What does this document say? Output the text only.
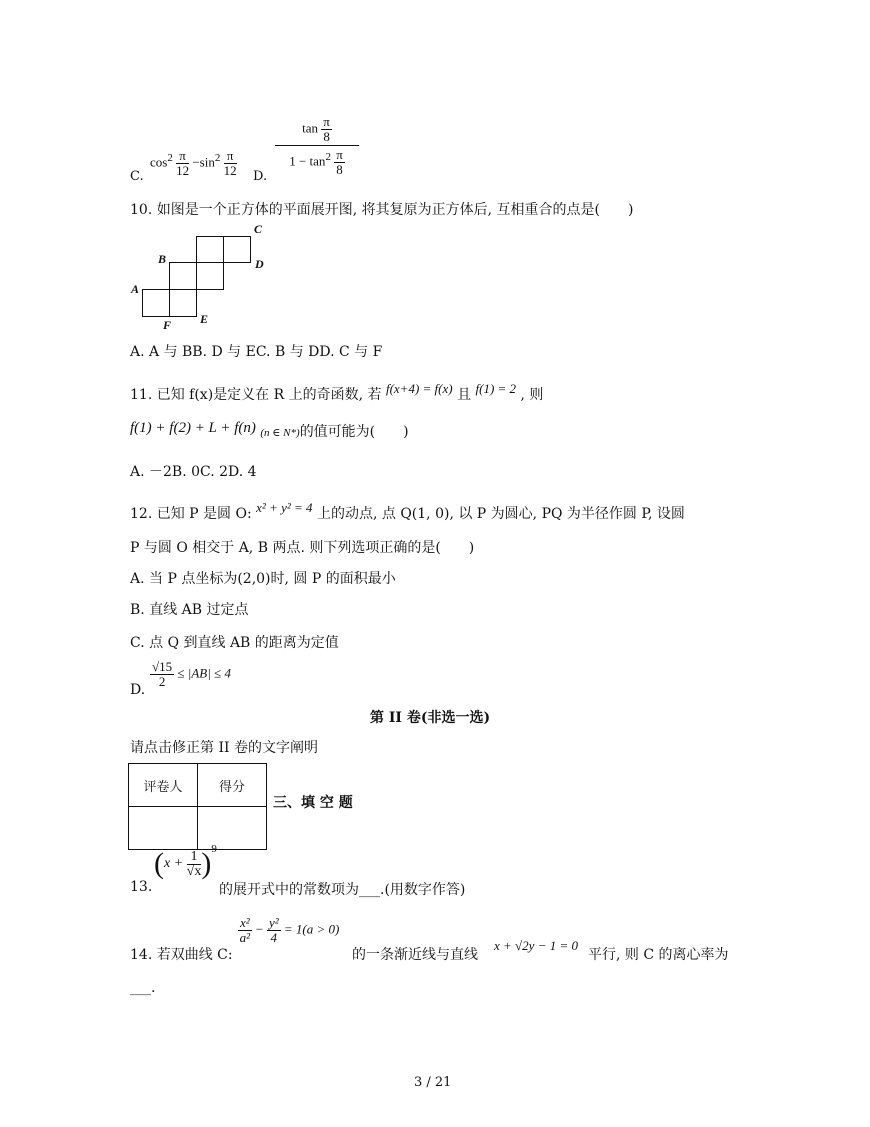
C.
$\cos^2 \frac{\pi}{12} -\sin^2 \frac{\pi}{12} D$.
$\tan \frac{\pi}{8}$
$1 - \tan^2 \frac{\pi}{8}$
10. 如图是一个正方体的平面展开图, 将其复原为正方体后, 互相重合的点是(　　)
C
B	D
A
F E
A. A 与 BB. D 与 EC. B 与 DD. C 与 F
11. 已知 f(x)是定义在 R 上的奇函数, 若 f(x+4) = f(x) 且 f(1) = 2 , 则
f(1) + f(2) + L + f(n) (n ∈ N*)的值可能为(　　)
A. －2B. 0C. 2D. 4
12. 已知 P 是圆 O: x² + y² = 4 上的动点, 点 Q(1, 0), 以 P 为圆心, PQ 为半径作圆 P, 设圆
P 与圆 O 相交于 A, B 两点. 则下列选项正确的是(　　)
A. 当 P 点坐标为(2,0)时, 圆 P 的面积最小
B. 直线 AB 过定点
C. 点 Q 到直线 AB 的距离为定值
D.
$\frac{√15}{2} \le |AB| \le 4$
第 II 卷(非选一选)
请点击修正第 II 卷的文字阐明
评卷人	得分

三、填 空 题
13.
$(x + \frac{1}{√x} )^9$
的展开式中的常数项为___.(用数字作答)
14. 若双曲线 C:
$\frac{\text{x²}}{\text{a²}} - \frac{\text{y²}}{4} = 1(a > 0)$
的一条渐近线与直线
x + √2y − 1 = 0
平行, 则 C 的离心率为
___.
3 / 21
